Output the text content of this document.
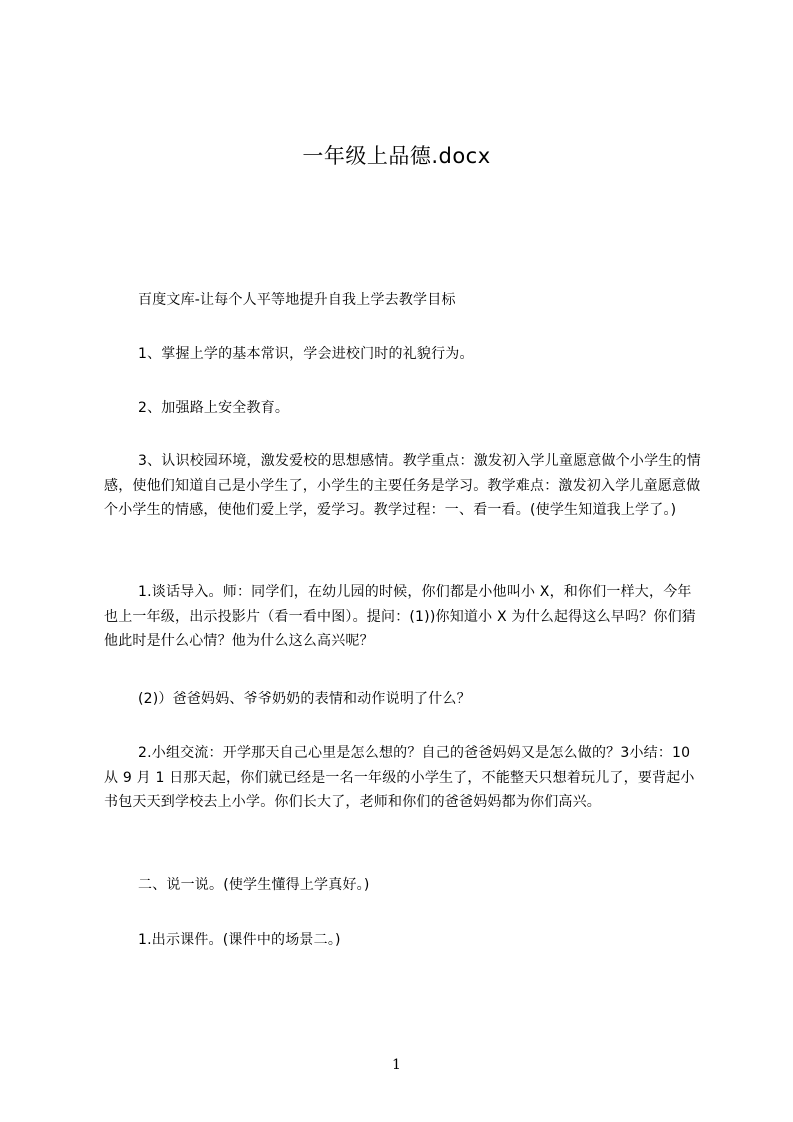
一年级上品德.docx

百度文库-让每个人平等地提升自我上学去教学目标

1、掌握上学的基本常识，学会进校门时的礼貌行为。

2、加强路上安全教育。

3、认识校园环境，激发爱校的思想感情。教学重点：激发初入学儿童愿意做个小学生的情感，使他们知道自己是小学生了，小学生的主要任务是学习。教学难点：激发初入学儿童愿意做个小学生的情感，使他们爱上学，爱学习。教学过程：一、看一看。(使学生知道我上学了。)

1.谈话导入。师：同学们，在幼儿园的时候，你们都是小他叫小 X，和你们一样大，今年也上一年级，出示投影片（看一看中图）。提问：(1))你知道小 X 为什么起得这么早吗？你们猜他此时是什么心情？他为什么这么高兴呢？

(2)）爸爸妈妈、爷爷奶奶的表情和动作说明了什么？

2.小组交流：开学那天自己心里是怎么想的？自己的爸爸妈妈又是怎么做的？3小结：10 从 9 月 1 日那天起，你们就已经是一名一年级的小学生了，不能整天只想着玩儿了，要背起小书包天天到学校去上小学。你们长大了，老师和你们的爸爸妈妈都为你们高兴。

二、说一说。(使学生懂得上学真好。)

1.出示课件。(课件中的场景二。)

1
